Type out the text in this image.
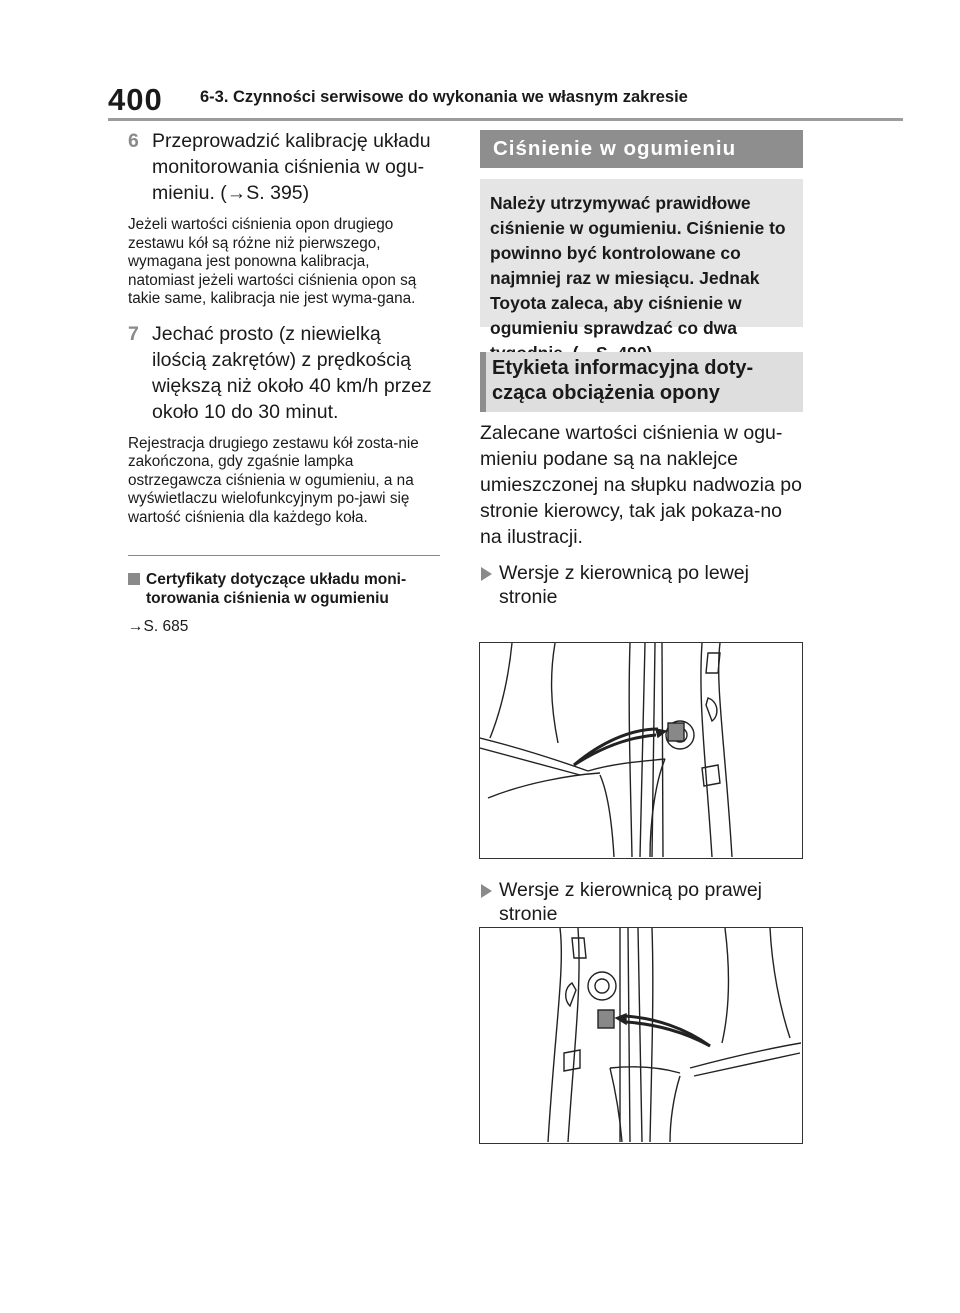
400 6-3. Czynności serwisowe do wykonania we własnym zakresie
6 Przeprowadzić kalibrację układu monitorowania ciśnienia w ogu-mieniu. (→S. 395)
Jeżeli wartości ciśnienia opon drugiego zestawu kół są różne niż pierwszego, wymagana jest ponowna kalibracja, natomiast jeżeli wartości ciśnienia opon są takie same, kalibracja nie jest wyma-gana.
7 Jechać prosto (z niewielką ilością zakrętów) z prędkością większą niż około 40 km/h przez około 10 do 30 minut.
Rejestracja drugiego zestawu kół zosta-nie zakończona, gdy zgaśnie lampka ostrzegawcza ciśnienia w ogumieniu, a na wyświetlaczu wielofunkcyjnym po-jawi się wartość ciśnienia dla każdego koła.
Certyfikaty dotyczące układu moni-torowania ciśnienia w ogumieniu
→S. 685
Ciśnienie w ogumieniu
Należy utrzymywać prawidłowe ciśnienie w ogumieniu. Ciśnienie to powinno być kontrolowane co najmniej raz w miesiącu. Jednak Toyota zaleca, aby ciśnienie w ogumieniu sprawdzać co dwa
Etykieta informacyjna doty-cząca obciążenia opony
Zalecane wartości ciśnienia w ogu-mieniu podane są na naklejce umieszczonej na słupku nadwozia po stronie kierowcy, tak jak pokaza-no na ilustracji.
Wersje z kierownicą po lewej stronie
Wersje z kierownicą po prawej stronie
